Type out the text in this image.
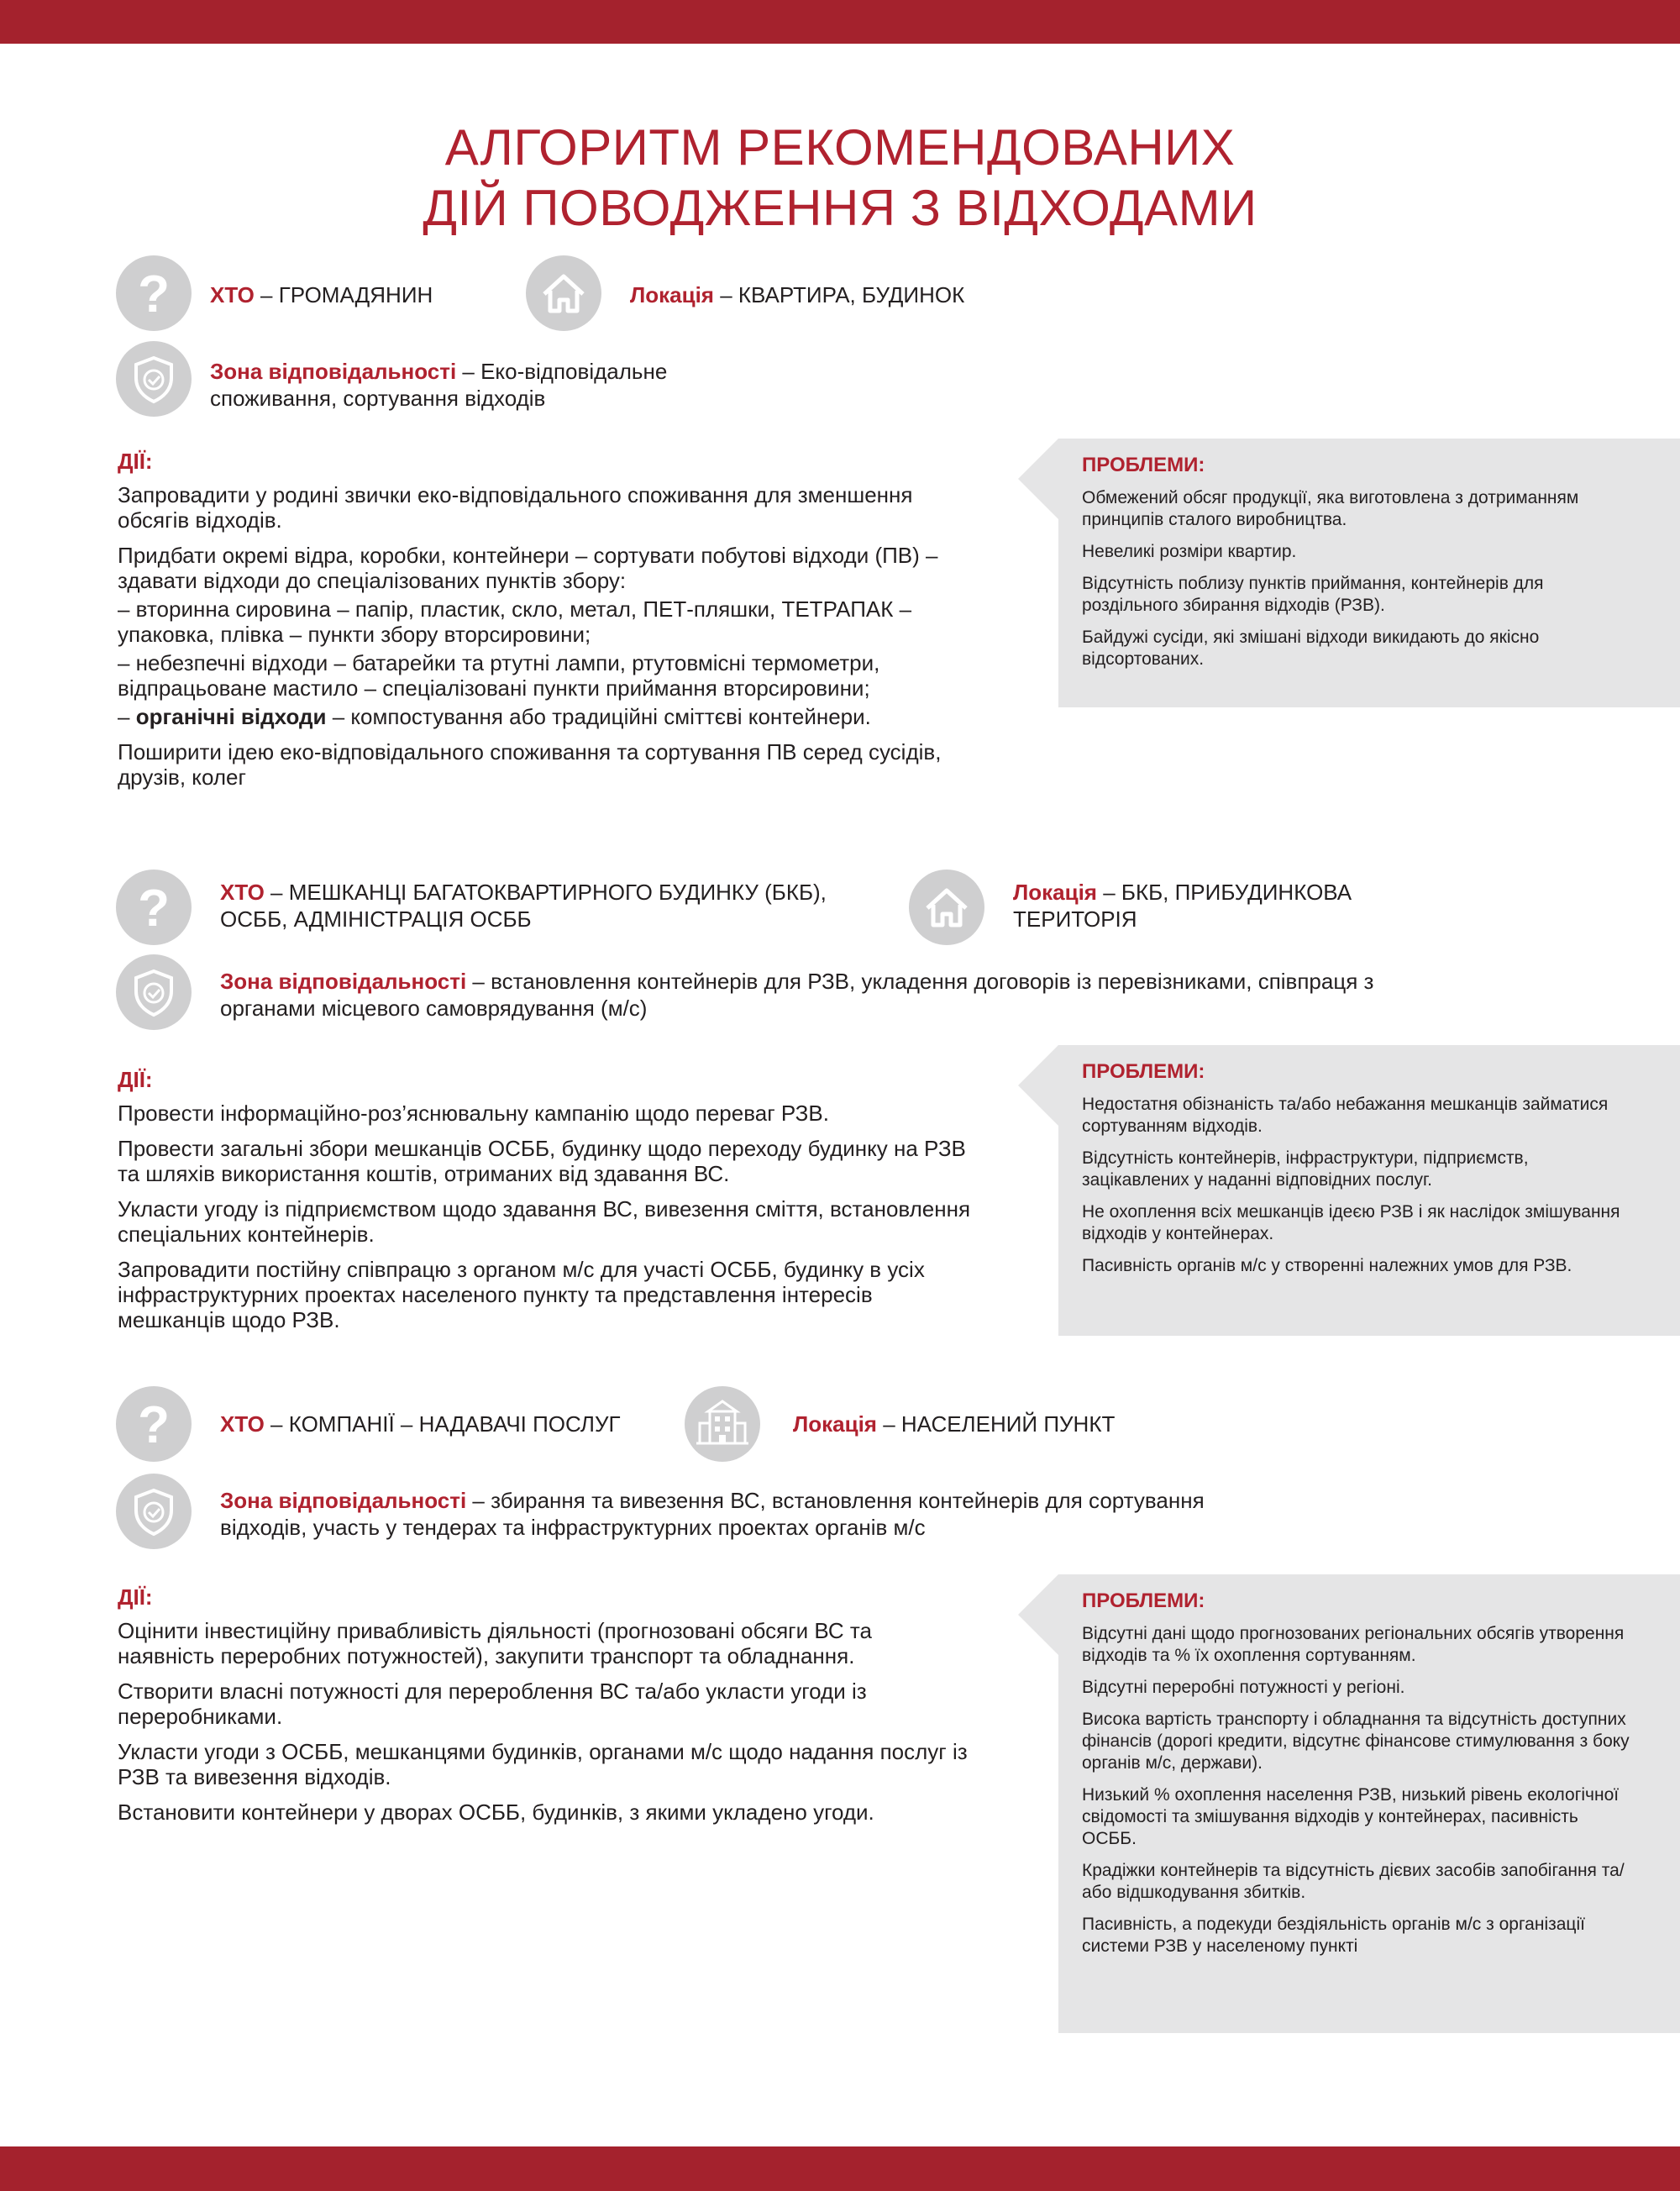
АЛГОРИТМ РЕКОМЕНДОВАНИХ
ДІЙ ПОВОДЖЕННЯ З ВІДХОДАМИ
? ХТО – ГРОМАДЯНИН	Локація – КВАРТИРА, БУДИНОК
Зона відповідальності – Еко-відповідальне споживання, сортування відходів
ДІЇ:

Запровадити у родині звички еко-відповідального споживання для зменшення обсягів відходів.

Придбати окремі відра, коробки, контейнери – сортувати побутові відходи (ПВ) – здавати відходи до спеціалізованих пунктів збору:

– вторинна сировина – папір, пластик, скло, метал, ПЕТ-пляшки, ТЕТРАПАК – упаковка, плівка – пункти збору вторсировини;

– небезпечні відходи – батарейки та ртутні лампи, ртутовмісні термометри, відпрацьоване мастило – спеціалізовані пункти приймання вторсировини;

– органічні відходи – компостування або традиційні сміттєві контейнери.

Поширити ідею еко-відповідального споживання та сортування ПВ серед сусідів, друзів, колег

ПРОБЛЕМИ:

Обмежений обсяг продукції, яка виготовлена з дотриманням принципів сталого виробництва.

Невеликі розміри квартир.

Відсутність поблизу пунктів приймання, контейнерів для роздільного збирання відходів (РЗВ).

Байдужі сусіди, які змішані відходи викидають до якісно відсортованих.

? ХТО – МЕШКАНЦІ БАГАТОКВАРТИРНОГО БУДИНКУ (БКБ), ОСББ, АДМІНІСТРАЦІЯ ОСББ
Локація – БКБ, ПРИБУДИНКОВА ТЕРИТОРІЯ
Зона відповідальності – встановлення контейнерів для РЗВ, укладення договорів із перевізниками, співпраця з органами місцевого самоврядування (м/с)
ДІЇ:

Провести інформаційно-роз’яснювальну кампанію щодо переваг РЗВ.

Провести загальні збори мешканців ОСББ, будинку щодо переходу будинку на РЗВ та шляхів використання коштів, отриманих від здавання ВС.

Укласти угоду із підприємством щодо здавання ВС, вивезення сміття, встановлення спеціальних контейнерів.

Запровадити постійну співпрацю з органом м/с для участі ОСББ, будинку в усіх інфраструктурних проектах населеного пункту та представлення інтересів мешканців щодо РЗВ.

ПРОБЛЕМИ:

Недостатня обізнаність та/або небажання мешканців займатися сортуванням відходів.

Відсутність контейнерів, інфраструктури, підприємств, зацікавлених у наданні відповідних послуг.

Не охоплення всіх мешканців ідеєю РЗВ і як наслідок змішування відходів у контейнерах.

Пасивність органів м/с у створенні належних умов для РЗВ.

? ХТО – КОМПАНІЇ – НАДАВАЧІ ПОСЛУГ	Локація – НАСЕЛЕНИЙ ПУНКТ
Зона відповідальності – збирання та вивезення ВС, встановлення контейнерів для сортування відходів, участь у тендерах та інфраструктурних проектах органів м/с
ДІЇ:

Оцінити інвестиційну привабливість діяльності (прогнозовані обсяги ВС та наявність переробних потужностей), закупити транспорт та обладнання.

Створити власні потужності для перероблення ВС та/або укласти угоди із переробниками.

Укласти угоди з ОСББ, мешканцями будинків, органами м/с щодо надання послуг із РЗВ та вивезення відходів.

Встановити контейнери у дворах ОСББ, будинків, з якими укладено угоди.

ПРОБЛЕМИ:

Відсутні дані щодо прогнозованих регіональних обсягів утворення відходів та % їх охоплення сортуванням.

Відсутні переробні потужності у регіоні.

Висока вартість транспорту і обладнання та відсутність доступних фінансів (дорогі кредити, відсутнє фінансове стимулювання з боку органів м/с, держави).

Низький % охоплення населення РЗВ, низький рівень екологічної свідомості та змішування відходів у контейнерах, пасивність ОСББ.

Крадіжки контейнерів та відсутність дієвих засобів запобігання та/або відшкодування збитків.

Пасивність, а подекуди бездіяльність органів м/с з організації системи РЗВ у населеному пункті
